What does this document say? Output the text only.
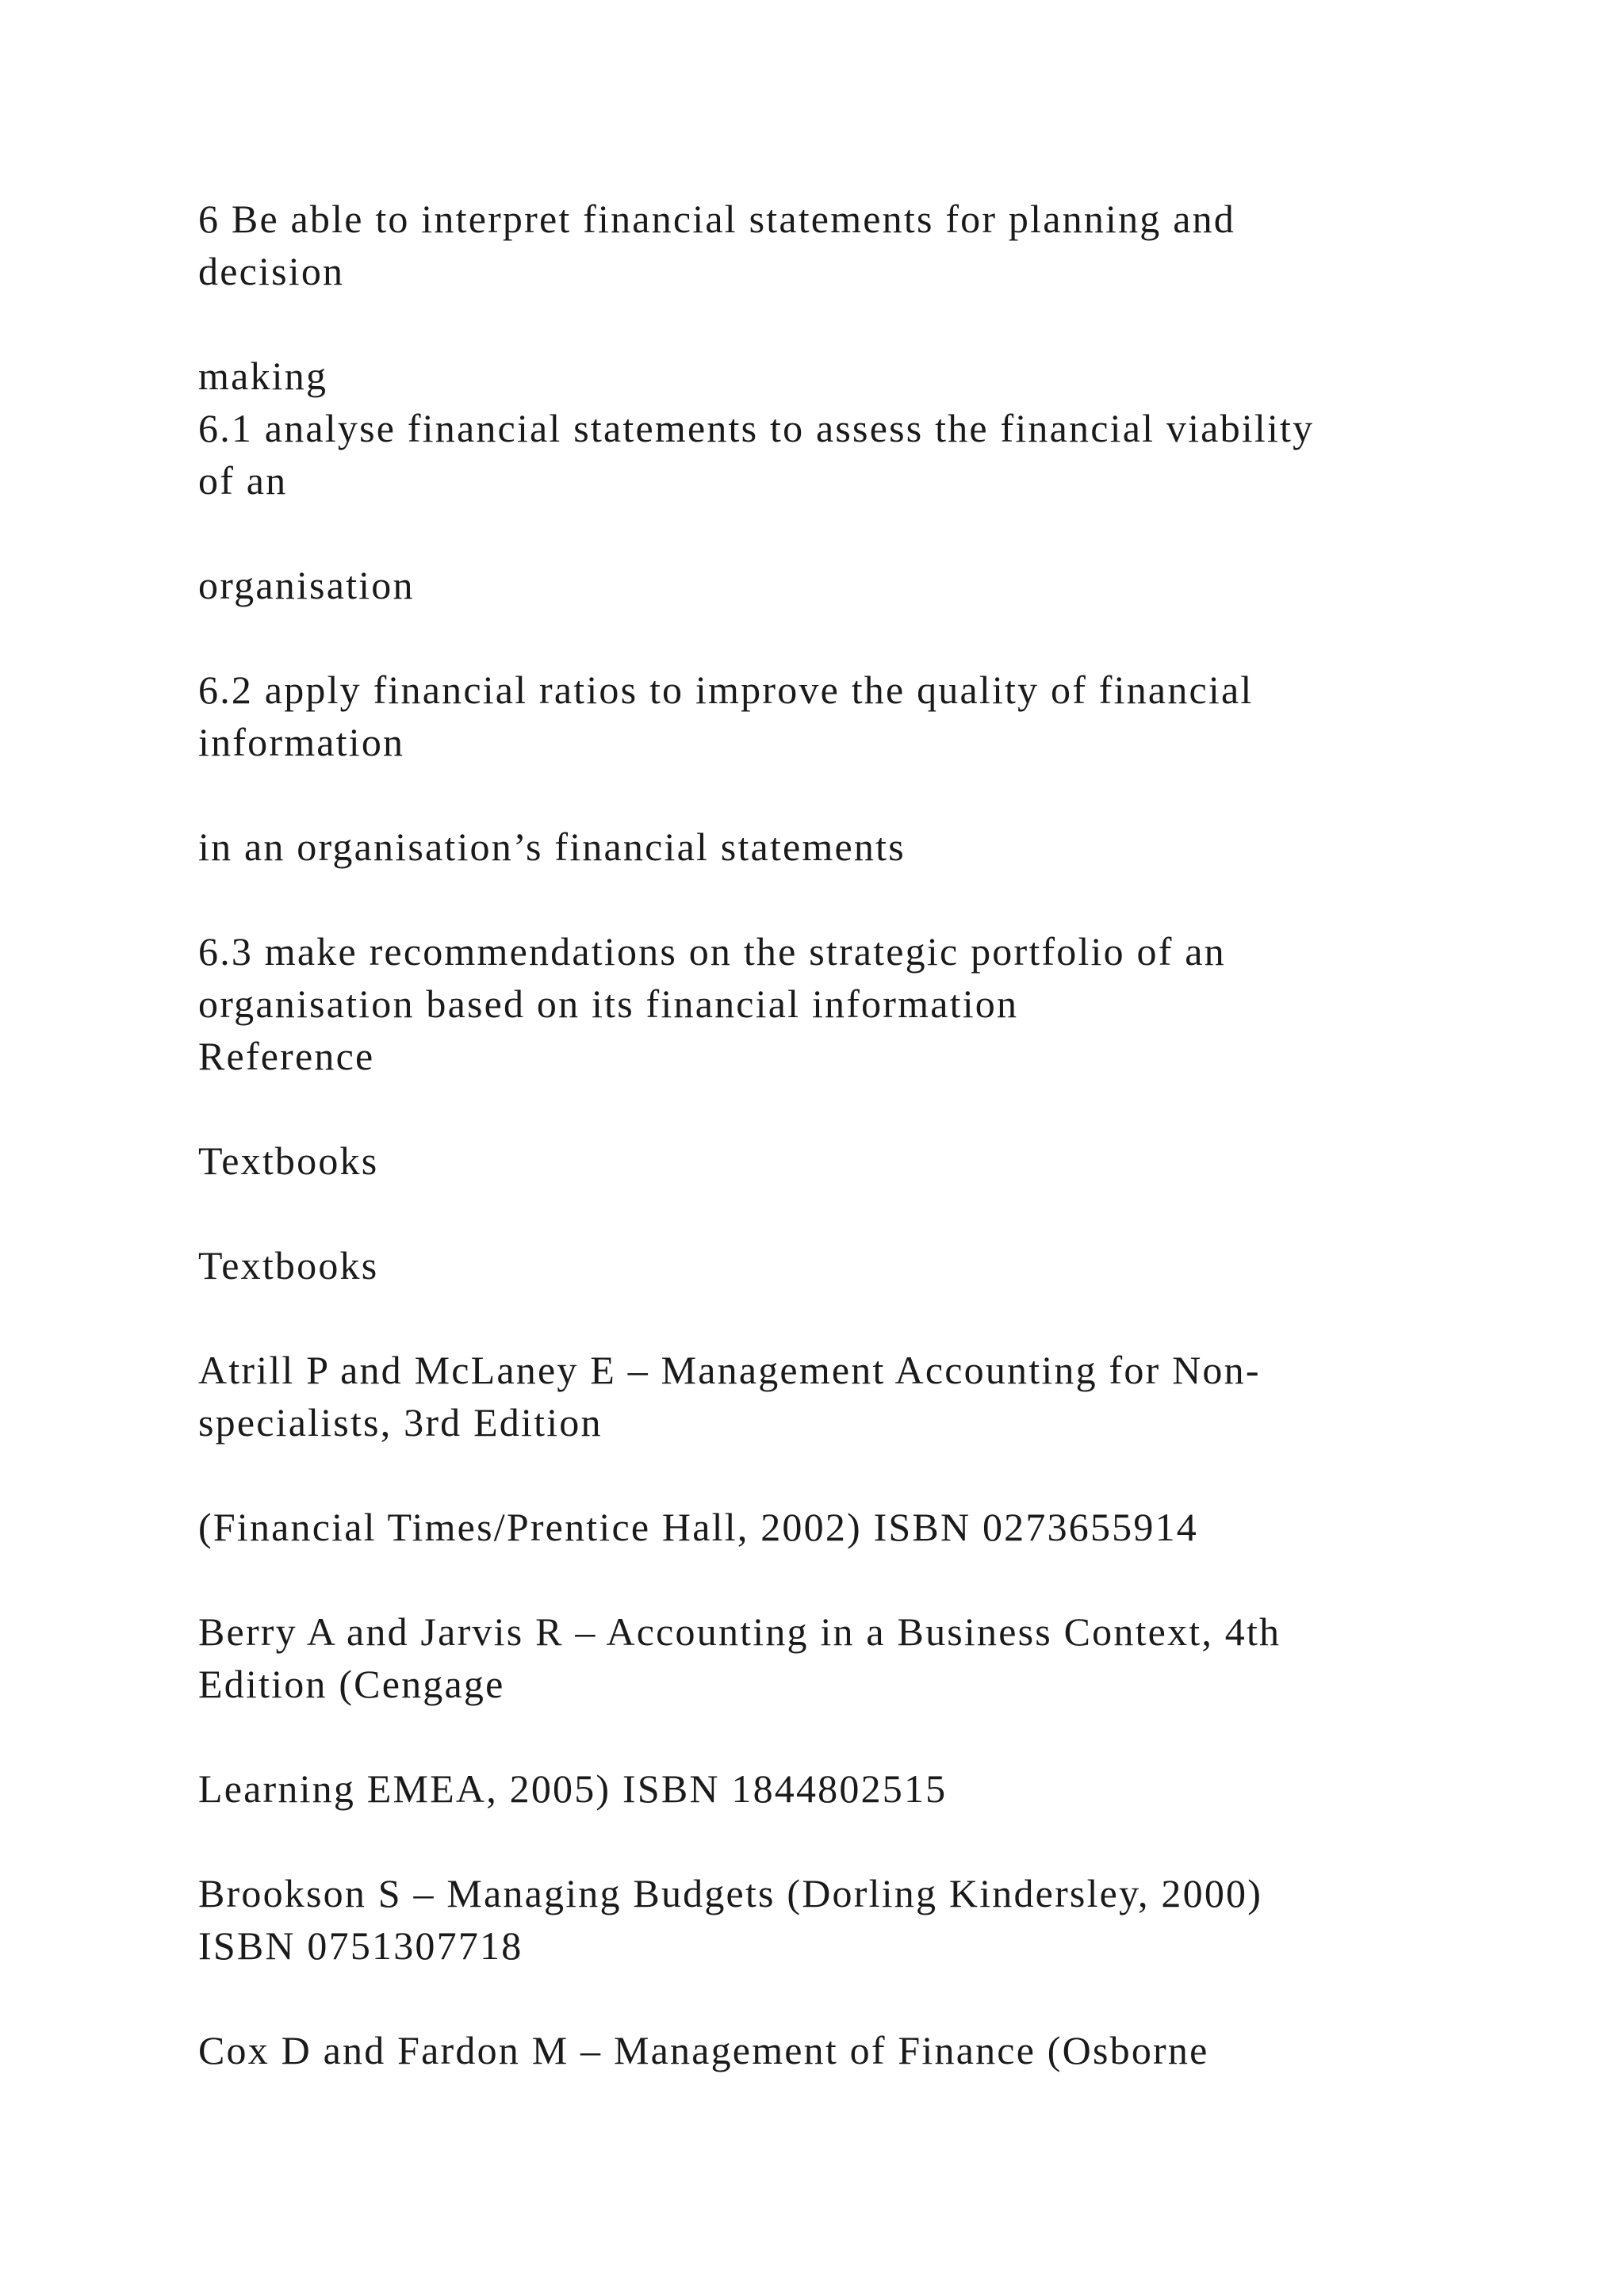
6 Be able to interpret financial statements for planning and
decision
making
6.1 analyse financial statements to assess the financial viability
of an
organisation
6.2 apply financial ratios to improve the quality of financial
information
in an organisation’s financial statements
6.3 make recommendations on the strategic portfolio of an
organisation based on its financial information
Reference
Textbooks
Textbooks
Atrill P and McLaney E – Management Accounting for Non-
specialists, 3rd Edition
(Financial Times/Prentice Hall, 2002) ISBN 0273655914
Berry A and Jarvis R – Accounting in a Business Context, 4th
Edition (Cengage
Learning EMEA, 2005) ISBN 1844802515
Brookson S – Managing Budgets (Dorling Kindersley, 2000)
ISBN 0751307718
Cox D and Fardon M – Management of Finance (Osborne
